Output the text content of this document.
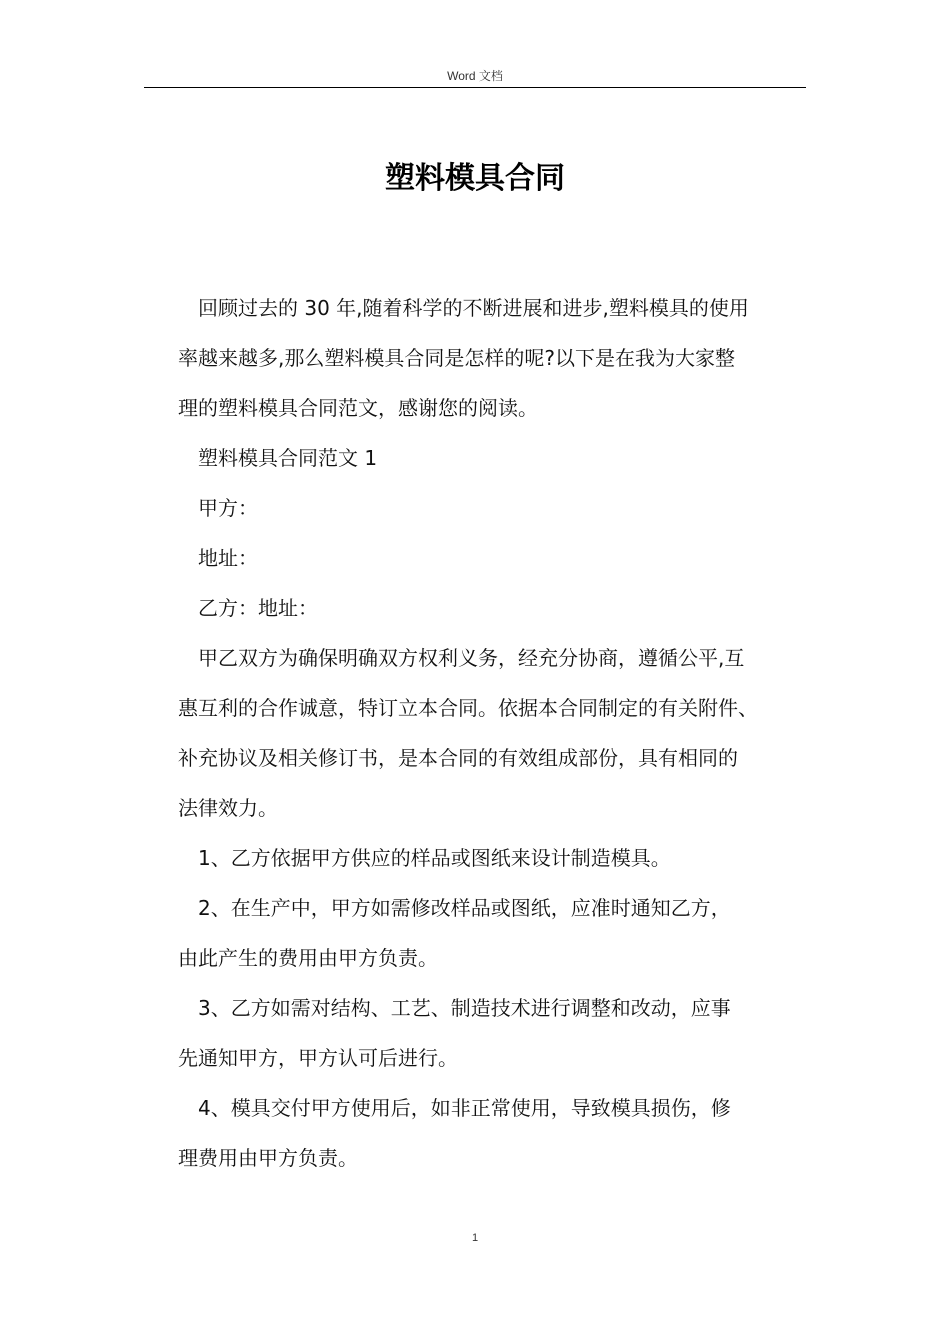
Word 文档
塑料模具合同
回顾过去的 30 年,随着科学的不断进展和进步,塑料模具的使用
率越来越多,那么塑料模具合同是怎样的呢?以下是在我为大家整
理的塑料模具合同范文，感谢您的阅读。
塑料模具合同范文 1
甲方：
地址：
乙方：地址：
甲乙双方为确保明确双方权利义务，经充分协商，遵循公平,互
惠互利的合作诚意，特订立本合同。依据本合同制定的有关附件、
补充协议及相关修订书，是本合同的有效组成部份，具有相同的
法律效力。
1、乙方依据甲方供应的样品或图纸来设计制造模具。
2、在生产中，甲方如需修改样品或图纸，应准时通知乙方，
由此产生的费用由甲方负责。
3、乙方如需对结构、工艺、制造技术进行调整和改动，应事
先通知甲方，甲方认可后进行。
4、模具交付甲方使用后，如非正常使用，导致模具损伤，修
理费用由甲方负责。
1
